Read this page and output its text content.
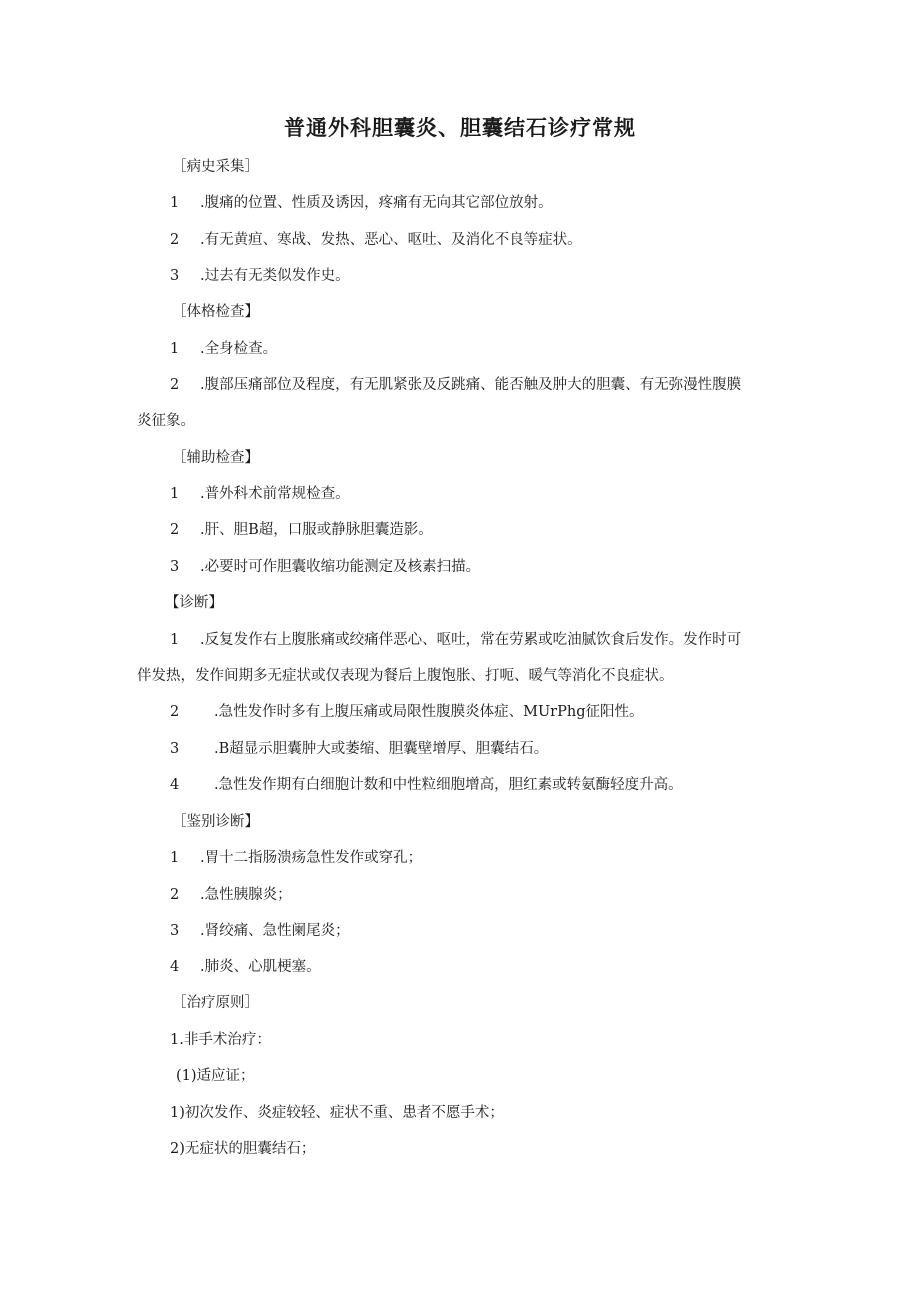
普通外科胆囊炎、胆囊结石诊疗常规
［病史采集］
1 .腹痛的位置、性质及诱因，疼痛有无向其它部位放射。
2 .有无黄疸、寒战、发热、恶心、呕吐、及消化不良等症状。
3 .过去有无类似发作史。
［体格检查】
1 .全身检查。
2 .腹部压痛部位及程度，有无肌紧张及反跳痛、能否触及肿大的胆囊、有无弥漫性腹膜
炎征象。
［辅助检查】
1 .普外科术前常规检查。
2 .肝、胆B超，口服或静脉胆囊造影。
3 .必要时可作胆囊收缩功能测定及核素扫描。
【诊断】
1 .反复发作右上腹胀痛或绞痛伴恶心、呕吐，常在劳累或吃油腻饮食后发作。发作时可
伴发热，发作间期多无症状或仅表现为餐后上腹饱胀、打呃、暖气等消化不良症状。
2 .急性发作时多有上腹压痛或局限性腹膜炎体症、MUrPhg征阳性。
3 .B超显示胆囊肿大或萎缩、胆囊壁增厚、胆囊结石。
4 .急性发作期有白细胞计数和中性粒细胞增高，胆红素或转氨酶轻度升高。
［鉴别诊断】
1 .胃十二指肠溃疡急性发作或穿孔；
2 .急性胰腺炎；
3 .肾绞痛、急性阑尾炎；
4 .肺炎、心肌梗塞。
［治疗原则］
1.非手术治疗：
(1)适应证；
1)初次发作、炎症较轻、症状不重、患者不愿手术；
2)无症状的胆囊结石；
